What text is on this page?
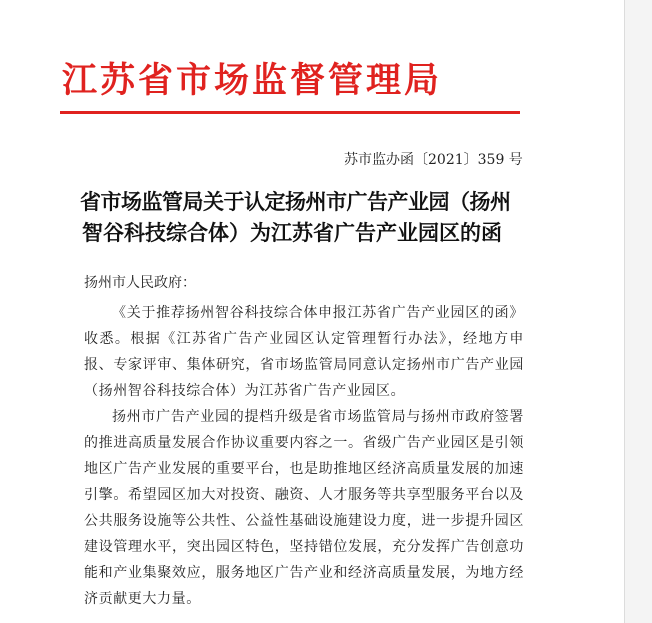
江苏省市场监督管理局
苏市监办函〔2021〕359 号
省市场监管局关于认定扬州市广告产业园（扬州
智谷科技综合体）为江苏省广告产业园区的函
扬州市人民政府：

《关于推荐扬州智谷科技综合体申报江苏省广告产业园区的函》收悉。根据《江苏省广告产业园区认定管理暂行办法》，经地方申报、专家评审、集体研究，省市场监管局同意认定扬州市广告产业园（扬州智谷科技综合体）为江苏省广告产业园区。

扬州市广告产业园的提档升级是省市场监管局与扬州市政府签署的推进高质量发展合作协议重要内容之一。省级广告产业园区是引领地区广告产业发展的重要平台，也是助推地区经济高质量发展的加速引擎。希望园区加大对投资、融资、人才服务等共享型服务平台以及公共服务设施等公共性、公益性基础设施建设力度，进一步提升园区建设管理水平，突出园区特色，坚持错位发展，充分发挥广告创意功能和产业集聚效应，服务地区广告产业和经济高质量发展，为地方经济贡献更大力量。
